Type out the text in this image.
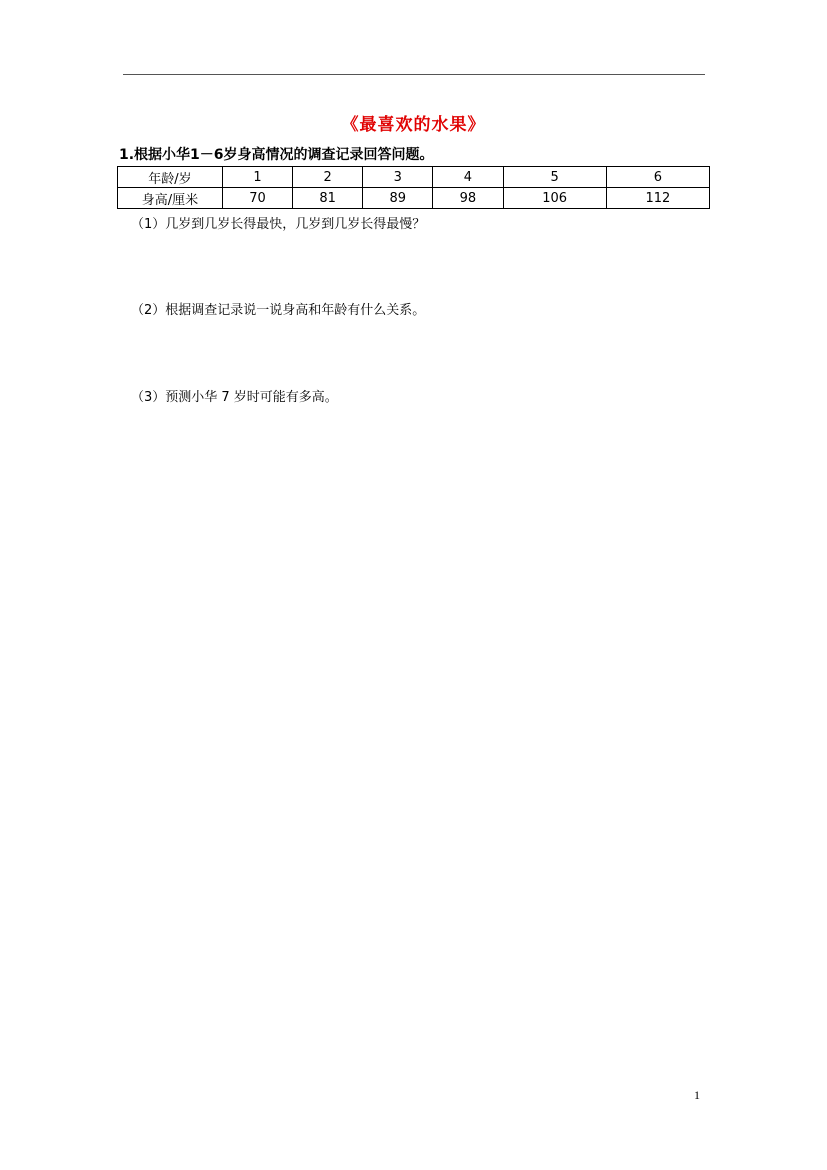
《最喜欢的水果》
1.根据小华1－6岁身高情况的调查记录回答问题。
年龄/岁	1	2	3	4	5	6
身高/厘米	70	81	89	98	106	112
（1）几岁到几岁长得最快，几岁到几岁长得最慢？
（2）根据调查记录说一说身高和年龄有什么关系。
（3）预测小华 7 岁时可能有多高。
1
